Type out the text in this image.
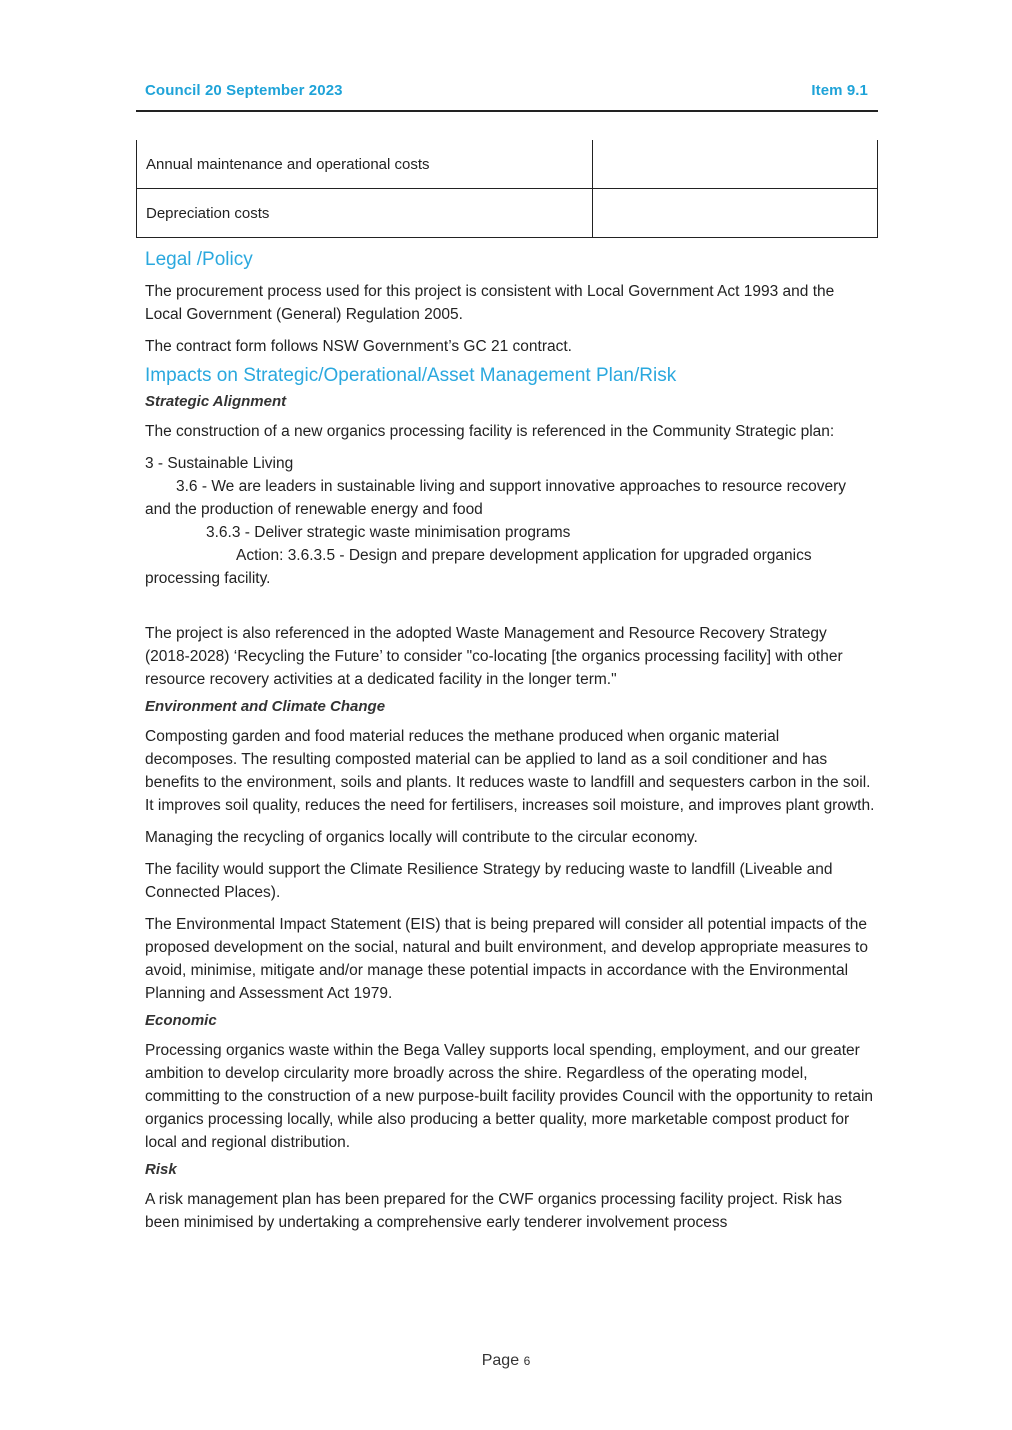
Council 20 September 2023	Item 9.1
Annual maintenance and operational costs	
Depreciation costs	
Legal /Policy

The procurement process used for this project is consistent with Local Government Act 1993 and the Local Government (General) Regulation 2005.

The contract form follows NSW Government’s GC 21 contract.

Impacts on Strategic/Operational/Asset Management Plan/Risk
Strategic Alignment

The construction of a new organics processing facility is referenced in the Community Strategic plan:

3 - Sustainable Living
3.6 - We are leaders in sustainable living and support innovative approaches to resource recovery and the production of renewable energy and food
3.6.3 - Deliver strategic waste minimisation programs
Action: 3.6.3.5 - Design and prepare development application for upgraded organics processing facility.

The project is also referenced in the adopted Waste Management and Resource Recovery Strategy (2018-2028) ‘Recycling the Future’ to consider "co-locating [the organics processing facility] with other resource recovery activities at a dedicated facility in the longer term."

Environment and Climate Change

Composting garden and food material reduces the methane produced when organic material decomposes. The resulting composted material can be applied to land as a soil conditioner and has benefits to the environment, soils and plants. It reduces waste to landfill and sequesters carbon in the soil. It improves soil quality, reduces the need for fertilisers, increases soil moisture, and improves plant growth.

Managing the recycling of organics locally will contribute to the circular economy.

The facility would support the Climate Resilience Strategy by reducing waste to landfill (Liveable and Connected Places).

The Environmental Impact Statement (EIS) that is being prepared will consider all potential impacts of the proposed development on the social, natural and built environment, and develop appropriate measures to avoid, minimise, mitigate and/or manage these potential impacts in accordance with the Environmental Planning and Assessment Act 1979.

Economic

Processing organics waste within the Bega Valley supports local spending, employment, and our greater ambition to develop circularity more broadly across the shire. Regardless of the operating model, committing to the construction of a new purpose-built facility provides Council with the opportunity to retain organics processing locally, while also producing a better quality, more marketable compost product for local and regional distribution.

Risk

A risk management plan has been prepared for the CWF organics processing facility project. Risk has been minimised by undertaking a comprehensive early tenderer involvement process

Page 6
